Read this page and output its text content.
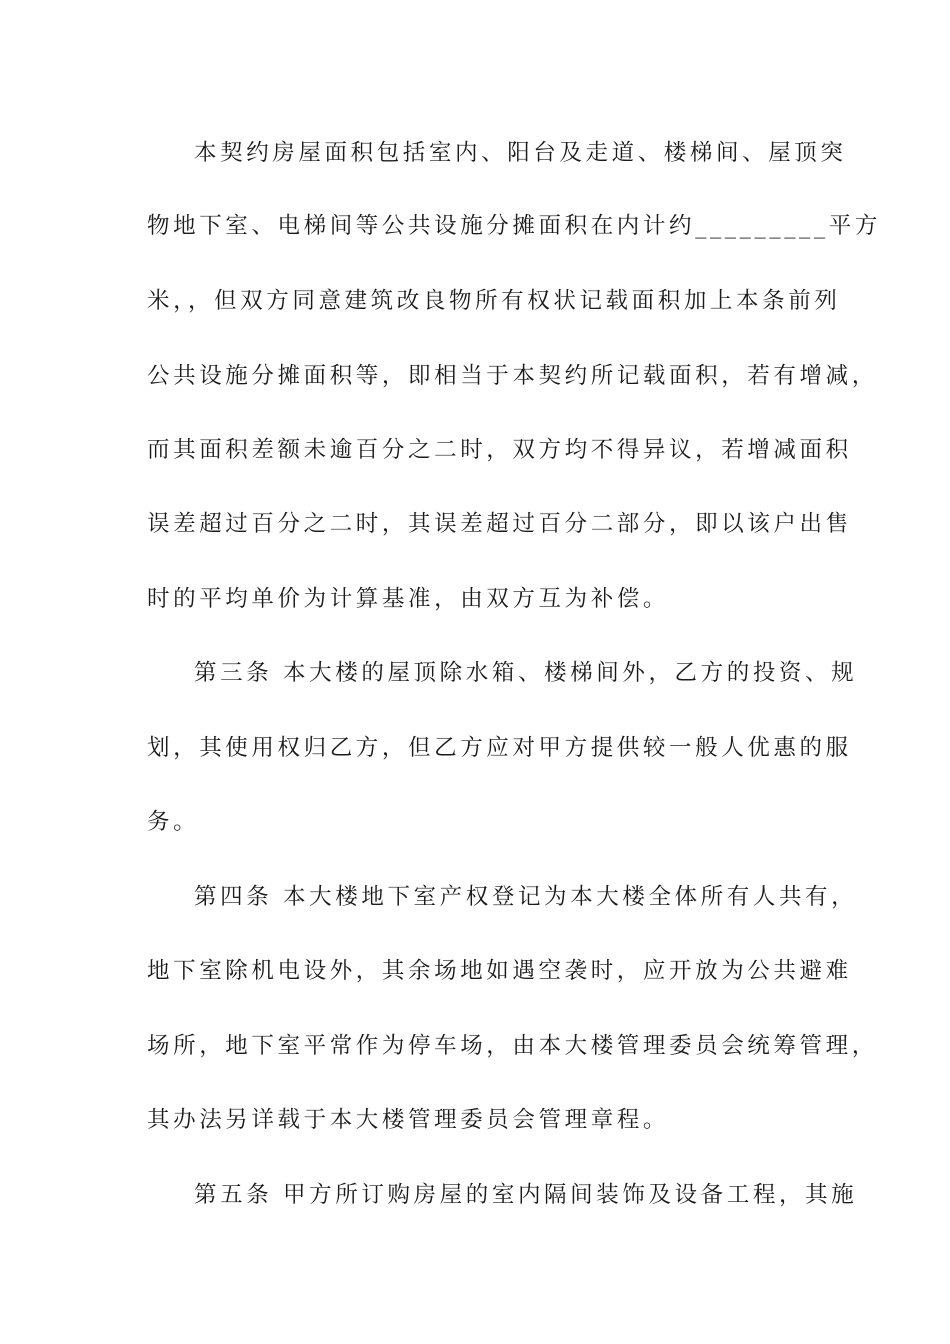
本契约房屋面积包括室内、阳台及走道、楼梯间、屋顶突
物地下室、电梯间等公共设施分摊面积在内计约_________平方
米，，但双方同意建筑改良物所有权状记载面积加上本条前列
公共设施分摊面积等，即相当于本契约所记载面积，若有增减，
而其面积差额未逾百分之二时，双方均不得异议，若增减面积
误差超过百分之二时，其误差超过百分二部分，即以该户出售
时的平均单价为计算基准，由双方互为补偿。
第三条 本大楼的屋顶除水箱、楼梯间外，乙方的投资、规
划，其使用权归乙方，但乙方应对甲方提供较一般人优惠的服
务。
第四条 本大楼地下室产权登记为本大楼全体所有人共有，
地下室除机电设外，其余场地如遇空袭时，应开放为公共避难
场所，地下室平常作为停车场，由本大楼管理委员会统筹管理，
其办法另详载于本大楼管理委员会管理章程。
第五条 甲方所订购房屋的室内隔间装饰及设备工程，其施
